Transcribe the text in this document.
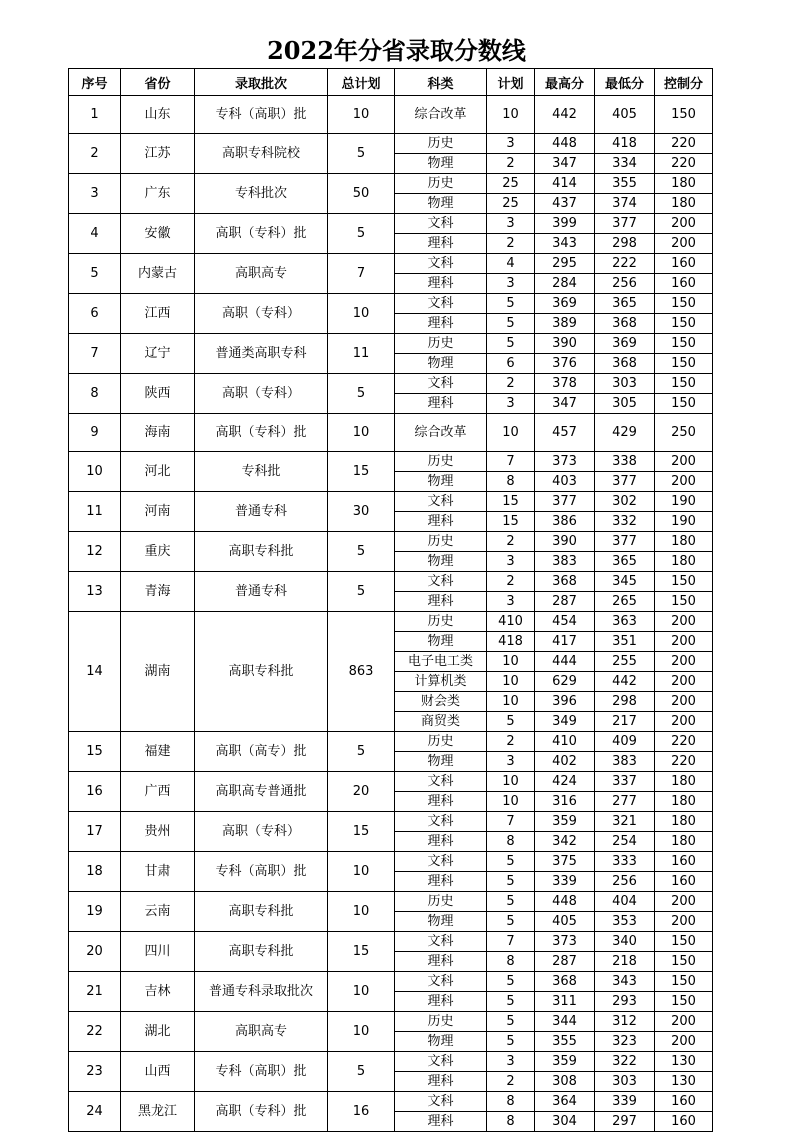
2022年分省录取分数线
序号	省份	录取批次	总计划	科类	计划	最高分	最低分	控制分
1	山东	专科（高职）批	10	综合改革	10	442	405	150
2	江苏	高职专科院校	5	历史	3	448	418	220
				物理	2	347	334	220
3	广东	专科批次	50	历史	25	414	355	180
				物理	25	437	374	180
4	安徽	高职（专科）批	5	文科	3	399	377	200
				理科	2	343	298	200
5	内蒙古	高职高专	7	文科	4	295	222	160
				理科	3	284	256	160
6	江西	高职（专科）	10	文科	5	369	365	150
				理科	5	389	368	150
7	辽宁	普通类高职专科	11	历史	5	390	369	150
				物理	6	376	368	150
8	陕西	高职（专科）	5	文科	2	378	303	150
				理科	3	347	305	150
9	海南	高职（专科）批	10	综合改革	10	457	429	250
10	河北	专科批	15	历史	7	373	338	200
				物理	8	403	377	200
11	河南	普通专科	30	文科	15	377	302	190
				理科	15	386	332	190
12	重庆	高职专科批	5	历史	2	390	377	180
				物理	3	383	365	180
13	青海	普通专科	5	文科	2	368	345	150
				理科	3	287	265	150
14	湖南	高职专科批	863	历史	410	454	363	200
				物理	418	417	351	200
				电子电工类	10	444	255	200
				计算机类	10	629	442	200
				财会类	10	396	298	200
				商贸类	5	349	217	200
15	福建	高职（高专）批	5	历史	2	410	409	220
				物理	3	402	383	220
16	广西	高职高专普通批	20	文科	10	424	337	180
				理科	10	316	277	180
17	贵州	高职（专科）	15	文科	7	359	321	180
				理科	8	342	254	180
18	甘肃	专科（高职）批	10	文科	5	375	333	160
				理科	5	339	256	160
19	云南	高职专科批	10	历史	5	448	404	200
				物理	5	405	353	200
20	四川	高职专科批	15	文科	7	373	340	150
				理科	8	287	218	150
21	吉林	普通专科录取批次	10	文科	5	368	343	150
				理科	5	311	293	150
22	湖北	高职高专	10	历史	5	344	312	200
				物理	5	355	323	200
23	山西	专科（高职）批	5	文科	3	359	322	130
				理科	2	308	303	130
24	黑龙江	高职（专科）批	16	文科	8	364	339	160
				理科	8	304	297	160
